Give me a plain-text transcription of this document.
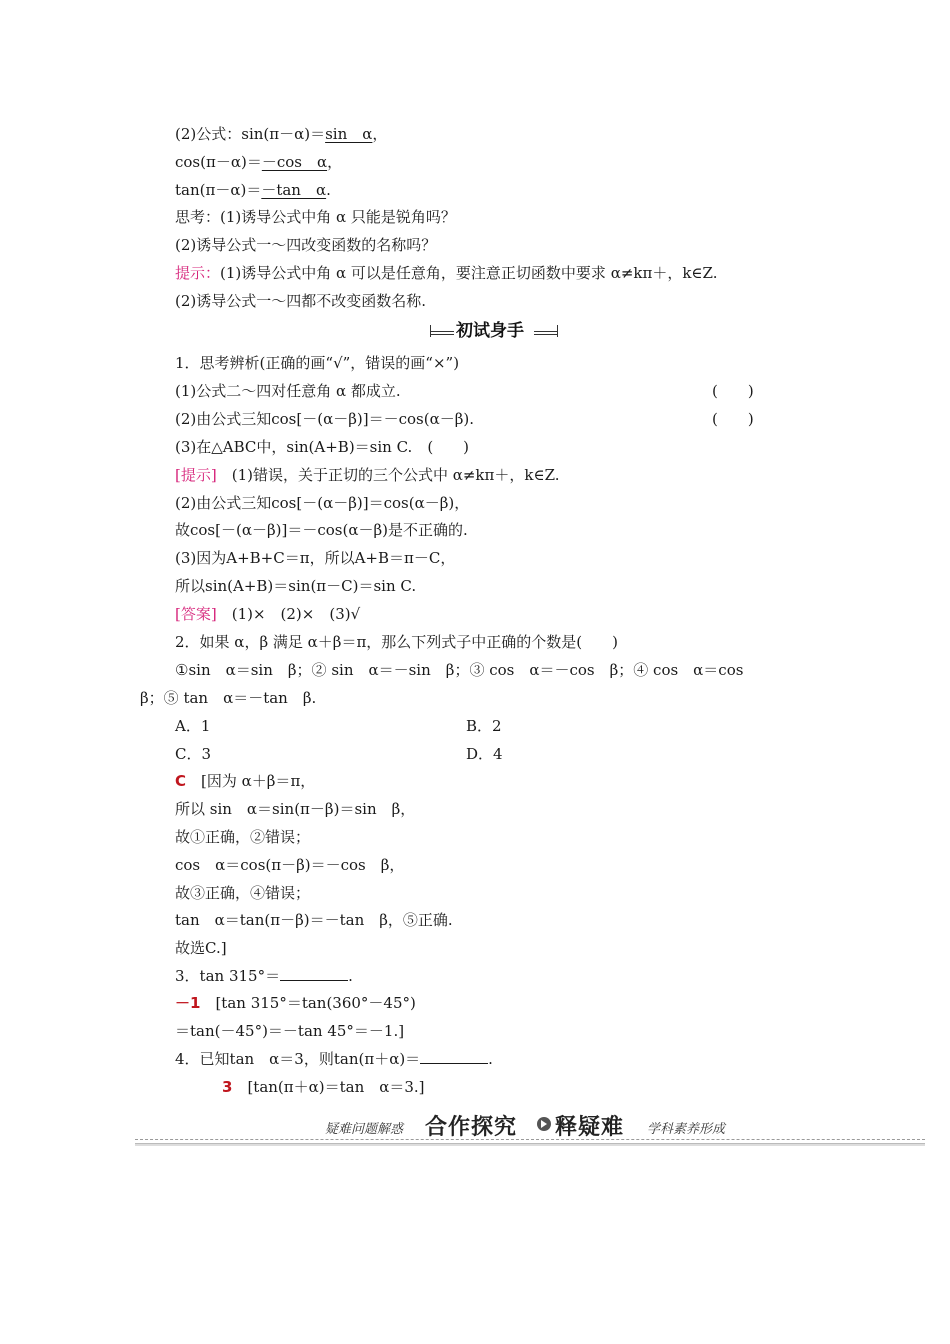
(2)公式：sin(π－α)＝sin　α，
cos(π－α)＝－cos　α，
tan(π－α)＝－tan　α.
思考：(1)诱导公式中角 α 只能是锐角吗？
(2)诱导公式一～四改变函数的名称吗？
提示：(1)诱导公式中角 α 可以是任意角，要注意正切函数中要求 α≠kπ＋，k∈Z.
(2)诱导公式一～四都不改变函数名称.
初试身手
1．思考辨析(正确的画“√”，错误的画“×”)
(1)公式二～四对任意角 α 都成立.	(　　)
(2)由公式三知cos[－(α－β)]＝－cos(α－β).	(　　)
(3)在△ABC中，sin(A+B)＝sin C.　(　　)
[提示]　(1)错误，关于正切的三个公式中 α≠kπ＋，k∈Z.
(2)由公式三知cos[－(α－β)]＝cos(α－β)，
故cos[－(α－β)]＝－cos(α－β)是不正确的.
(3)因为A+B+C＝π，所以A+B＝π－C，
所以sin(A+B)＝sin(π－C)＝sin C.
[答案]　(1)×　(2)×　(3)√
2．如果 α，β 满足 α＋β＝π，那么下列式子中正确的个数是(　　)
①sin　α＝sin　β；② sin　α＝－sin　β；③ cos　α＝－cos　β；④ cos　α＝cos
β；⑤ tan　α＝－tan　β.
A．1	B．2
C．3	D．4
C　[因为 α＋β＝π，
所以 sin　α＝sin(π－β)＝sin　β，
故①正确，②错误；
cos　α＝cos(π－β)＝－cos　β，
故③正确，④错误；
tan　α＝tan(π－β)＝－tan　β，⑤正确.
故选C.]
3．tan 315°＝	.
－1　[tan 315°＝tan(360°－45°)
＝tan(－45°)＝－tan 45°＝－1.]
4．已知tan　α＝3，则tan(π＋α)＝	.
3　[tan(π＋α)＝tan　α＝3.]
疑难问题解惑 合作探究 释疑难 学科素养形成
